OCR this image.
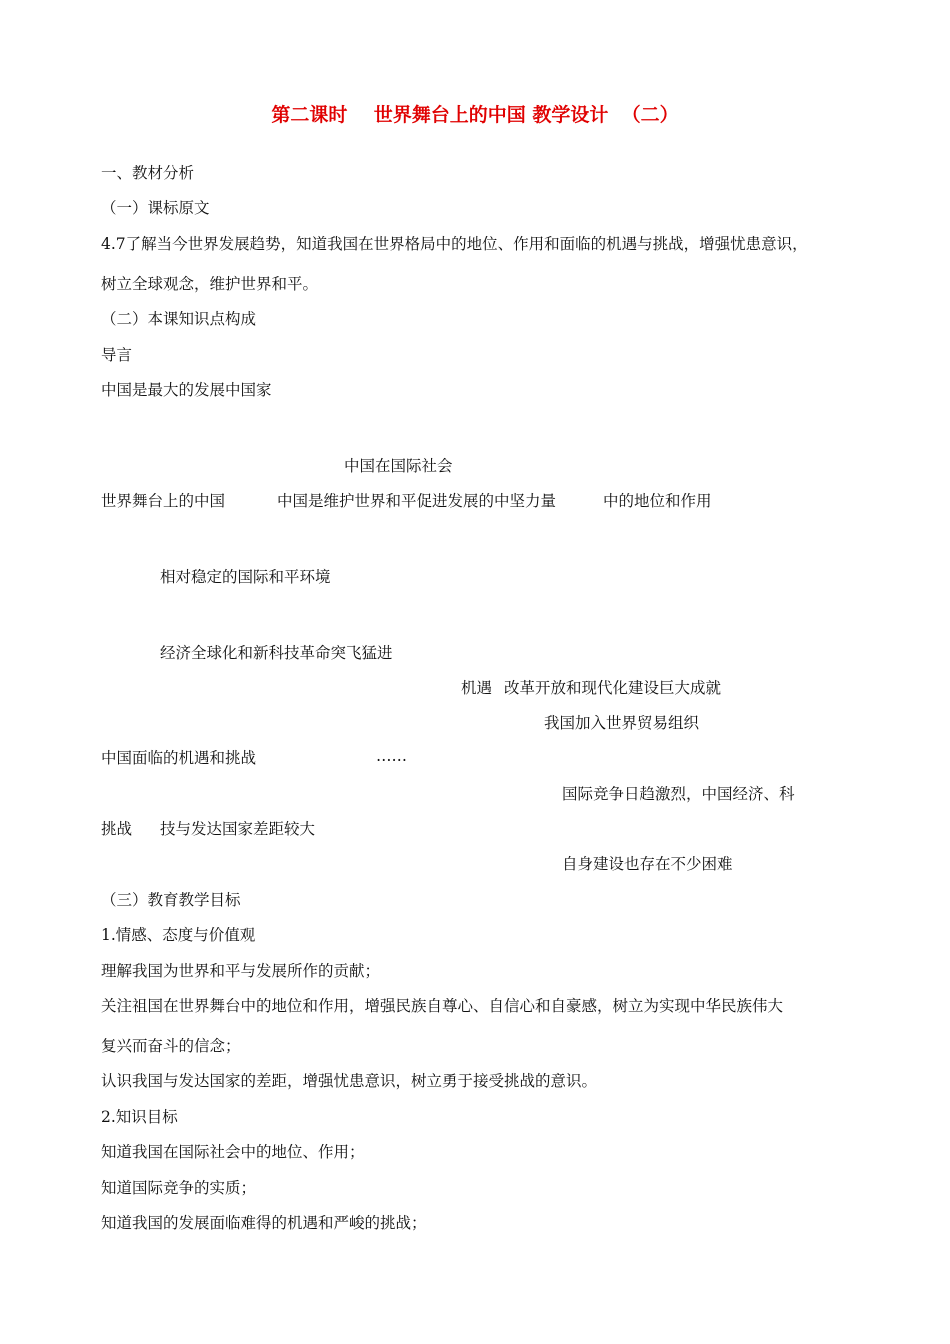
第二课时    世界舞台上的中国 教学设计  （二）
一、教材分析
（一）课标原文
4.7了解当今世界发展趋势，知道我国在世界格局中的地位、作用和面临的机遇与挑战，增强忧患意识，
树立全球观念，维护世界和平。
（二）本课知识点构成
导言
中国是最大的发展中国家
中国在国际社会
世界舞台上的中国	中国是维护世界和平促进发展的中坚力量	中的地位和作用
相对稳定的国际和平环境
经济全球化和新科技革命突飞猛进
机遇 改革开放和现代化建设巨大成就
我国加入世界贸易组织
中国面临的机遇和挑战	……
国际竞争日趋激烈，中国经济、科
挑战 技与发达国家差距较大
自身建设也存在不少困难
（三）教育教学目标
1.情感、态度与价值观
理解我国为世界和平与发展所作的贡献；
关注祖国在世界舞台中的地位和作用，增强民族自尊心、自信心和自豪感，树立为实现中华民族伟大
复兴而奋斗的信念；
认识我国与发达国家的差距，增强忧患意识，树立勇于接受挑战的意识。
2.知识目标
知道我国在国际社会中的地位、作用；
知道国际竞争的实质；
知道我国的发展面临难得的机遇和严峻的挑战；
